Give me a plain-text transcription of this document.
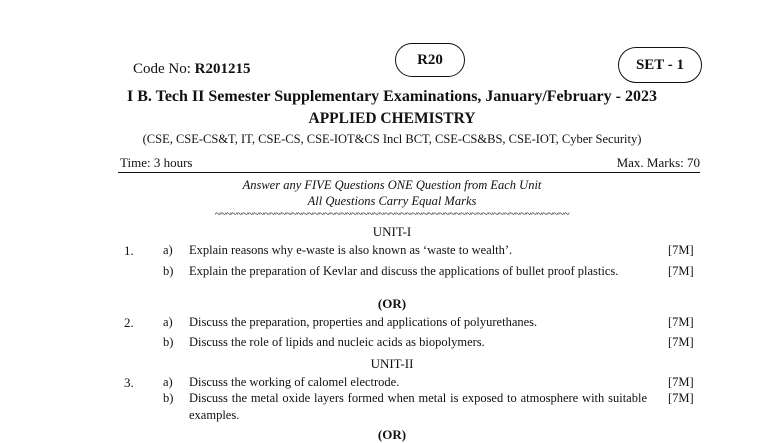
Code No: R201215
R20	SET - 1
I B. Tech II Semester Supplementary Examinations, January/February - 2023
APPLIED CHEMISTRY
(CSE, CSE-CS&T, IT, CSE-CS, CSE-IOT&CS Incl BCT, CSE-CS&BS, CSE-IOT, Cyber Security)
Time: 3 hours	Max. Marks: 70
Answer any FIVE Questions ONE Question from Each Unit
All Questions Carry Equal Marks
~~~~~~~~~~~~~~~~~~~~~~~~~~~~~~~~~~~~~~~~~~~~~~~~~~~~~~~~~~~~~~~~~
UNIT-I
1. a) Explain reasons why e-waste is also known as ‘waste to wealth’.	[7M]
b) Explain the preparation of Kevlar and discuss the applications of bullet proof plastics.	[7M]
(OR)
2. a) Discuss the preparation, properties and applications of polyurethanes.	[7M]
b) Discuss the role of lipids and nucleic acids as biopolymers.	[7M]
UNIT-II
3. a) Discuss the working of calomel electrode.	[7M]
b) Discuss the metal oxide layers formed when metal is exposed to atmosphere with suitable examples.
[7M]
(OR)
